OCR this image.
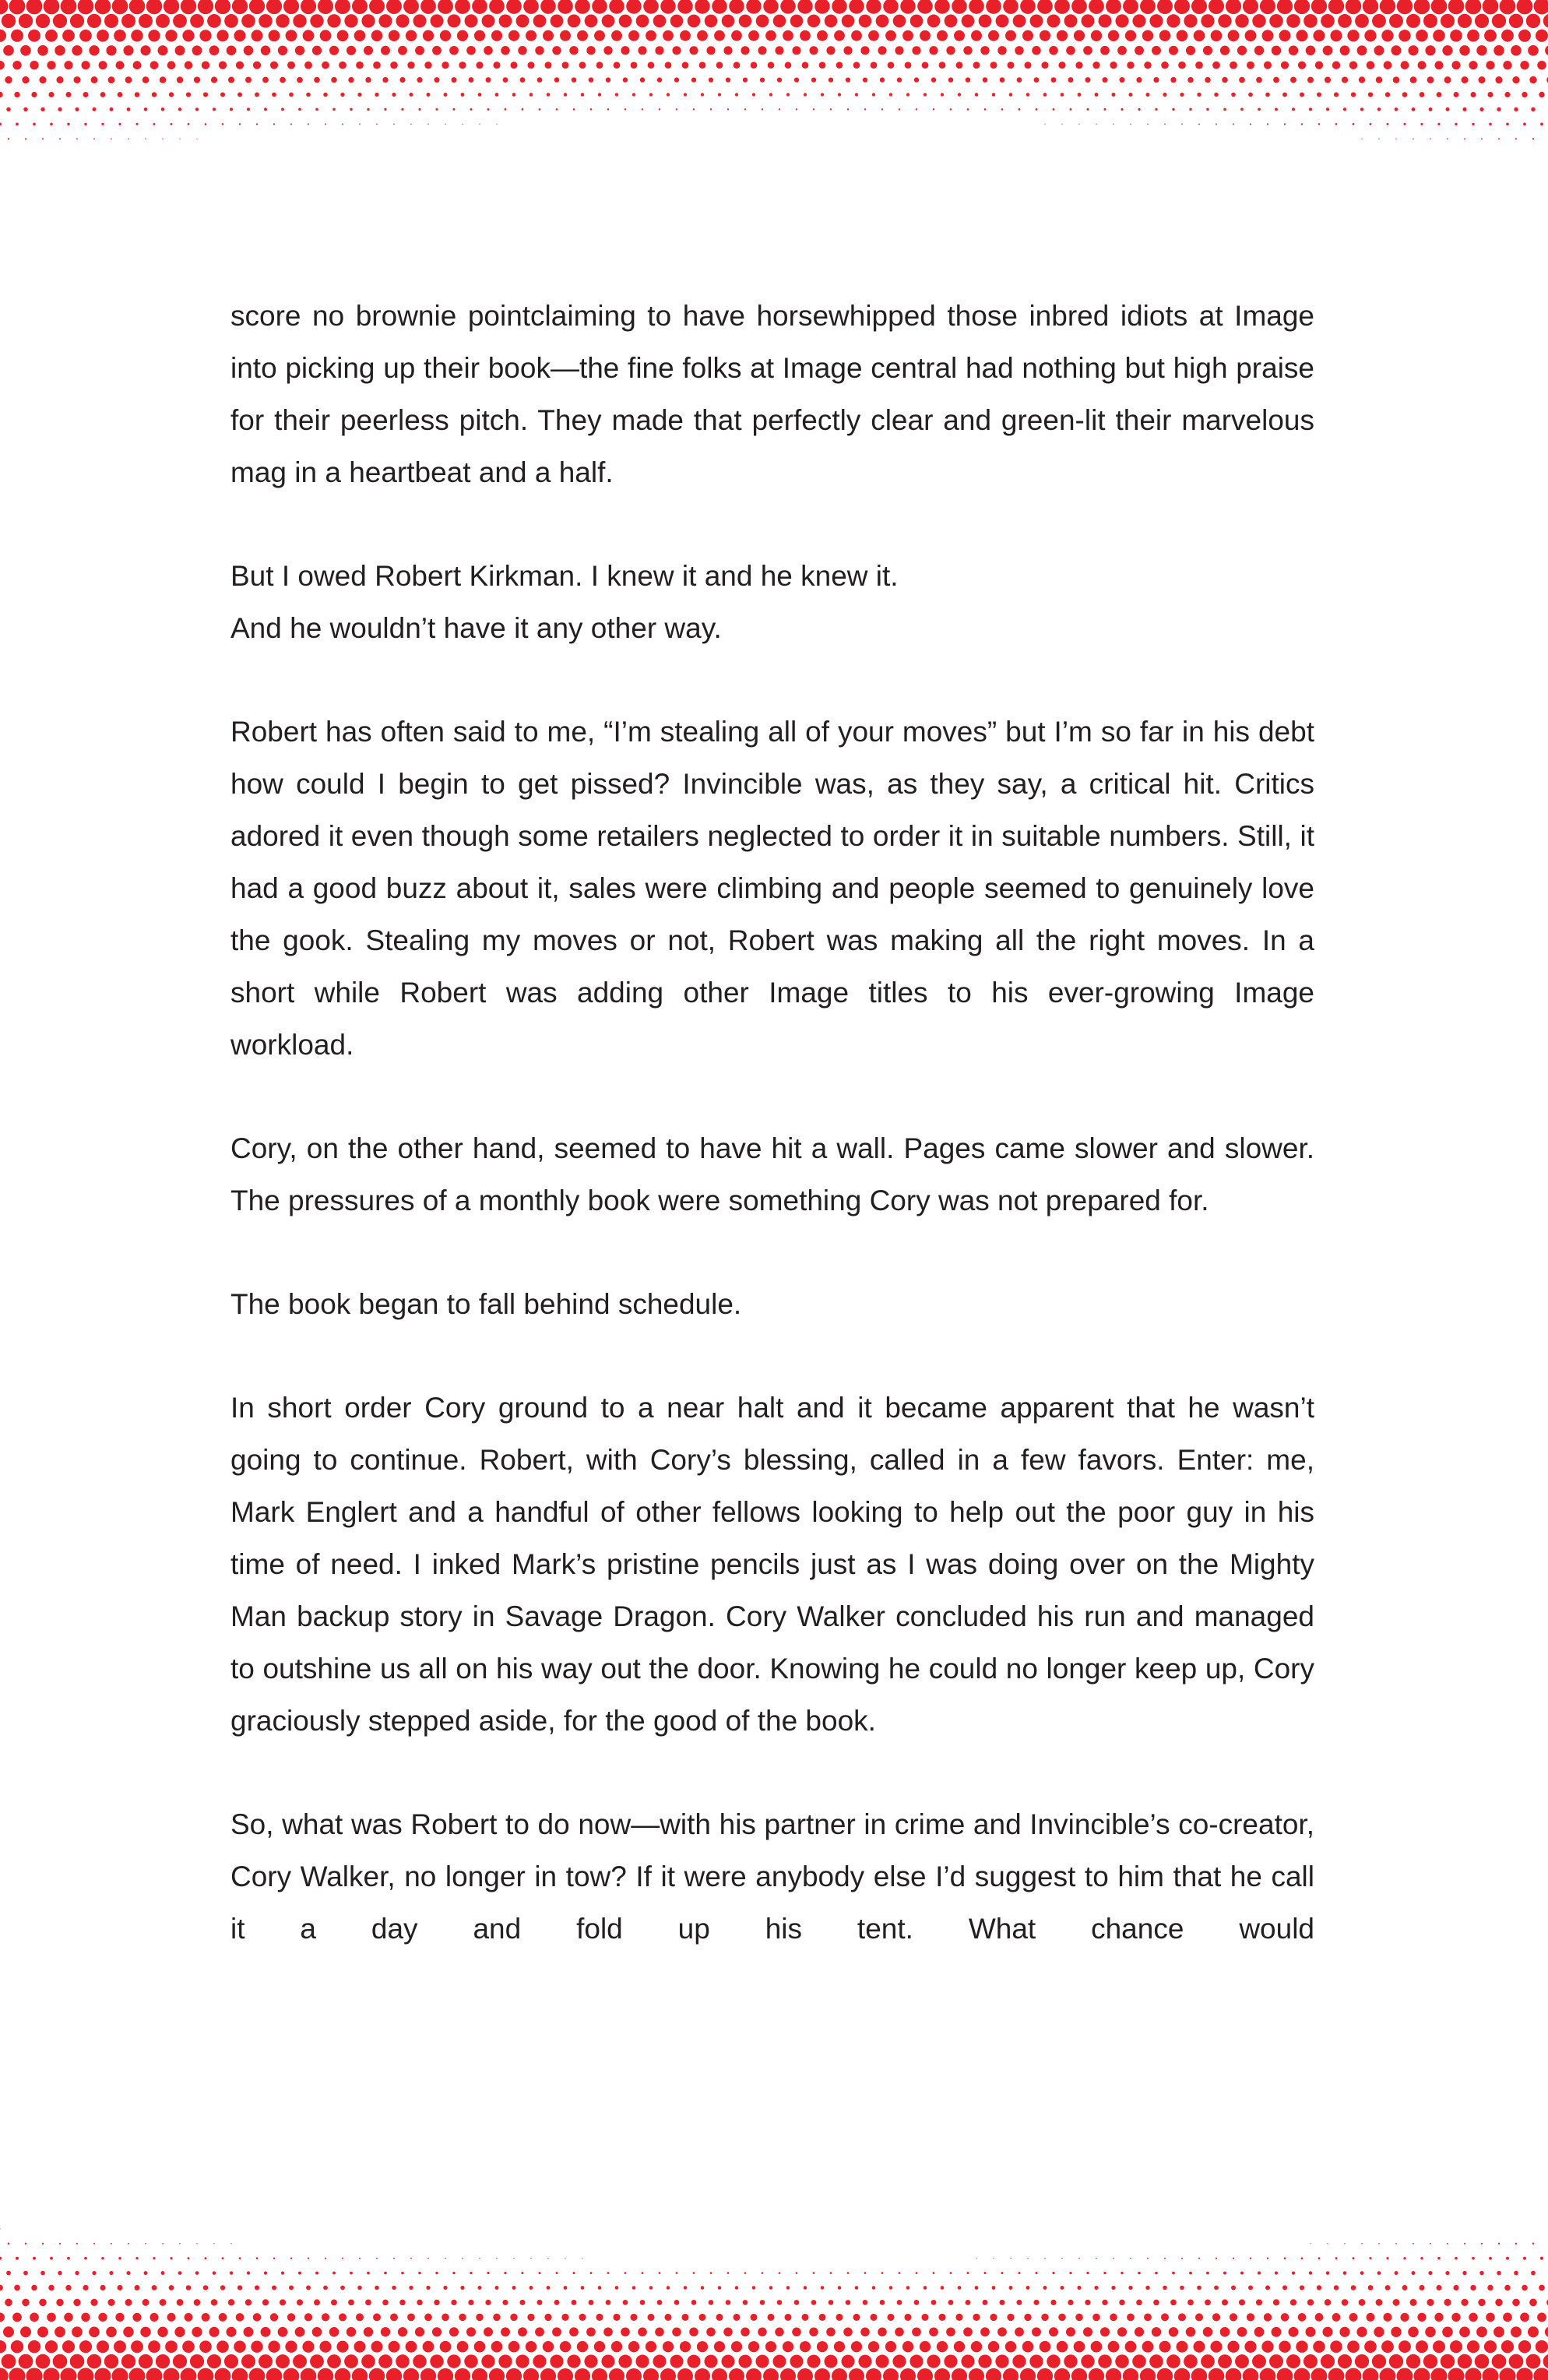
score no brownie pointclaiming to have horsewhipped those inbred idiots at Image into picking up their book—the fine folks at Image central had nothing but high praise for their peerless pitch. They made that perfectly clear and green-lit their marvelous mag in a heartbeat and a half.

But I owed Robert Kirkman. I knew it and he knew it.

And he wouldn’t have it any other way.

Robert has often said to me, “I’m stealing all of your moves” but I’m so far in his debt how could I begin to get pissed? Invincible was, as they say, a critical hit. Critics adored it even though some retailers neglected to order it in suitable numbers. Still, it had a good buzz about it, sales were climbing and people seemed to genuinely love the gook. Stealing my moves or not, Robert was making all the right moves. In a short while Robert was adding other Image titles to his ever-growing Image workload.

Cory, on the other hand, seemed to have hit a wall. Pages came slower and slower. The pressures of a monthly book were something Cory was not prepared for.

The book began to fall behind schedule.

In short order Cory ground to a near halt and it became apparent that he wasn’t going to continue. Robert, with Cory’s blessing, called in a few favors. Enter: me, Mark Englert and a handful of other fellows looking to help out the poor guy in his time of need. I inked Mark’s pristine pencils just as I was doing over on the Mighty Man backup story in Savage Dragon. Cory Walker concluded his run and managed to outshine us all on his way out the door. Knowing he could no longer keep up, Cory graciously stepped aside, for the good of the book.

So, what was Robert to do now—with his partner in crime and Invincible’s co-creator, Cory Walker, no longer in tow? If it were anybody else I’d suggest to him that he call it a day and fold up his tent. What chance would
